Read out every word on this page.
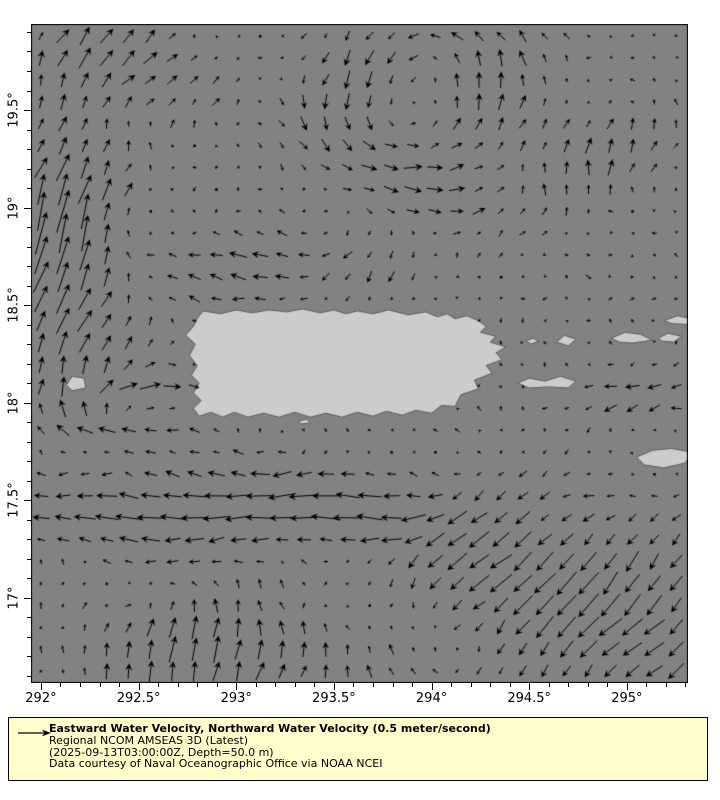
292°	292.5°	293°	293.5°	294°	294.5°	295°
17°
17.5°
18°
18.5°
19°
19.5°
Eastward Water Velocity, Northward Water Velocity (0.5 meter/second)
Regional NCOM AMSEAS 3D (Latest)
(2025-09-13T03:00:00Z, Depth=50.0 m)
Data courtesy of Naval Oceanographic Office via NOAA NCEI
